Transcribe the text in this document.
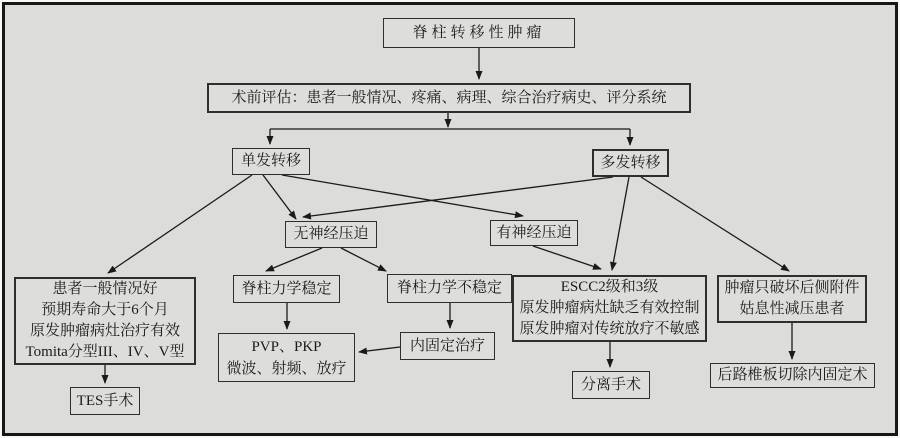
脊柱转移性肿瘤
术前评估：患者一般情况、疼痛、病理、综合治疗病史、评分系统
单发转移	多发转移
无神经压迫	有神经压迫
患者一般情况好
预期寿命大于6个月
原发肿瘤病灶治疗有效
Tomita分型III、IV、V型
TES手术
脊柱力学稳定	脊柱力学不稳定
PVP、PKP
微波、射频、放疗
内固定治疗
ESCC2级和3级
原发肿瘤病灶缺乏有效控制
原发肿瘤对传统放疗不敏感
分离手术
肿瘤只破坏后侧附件
姑息性减压患者
后路椎板切除内固定术
